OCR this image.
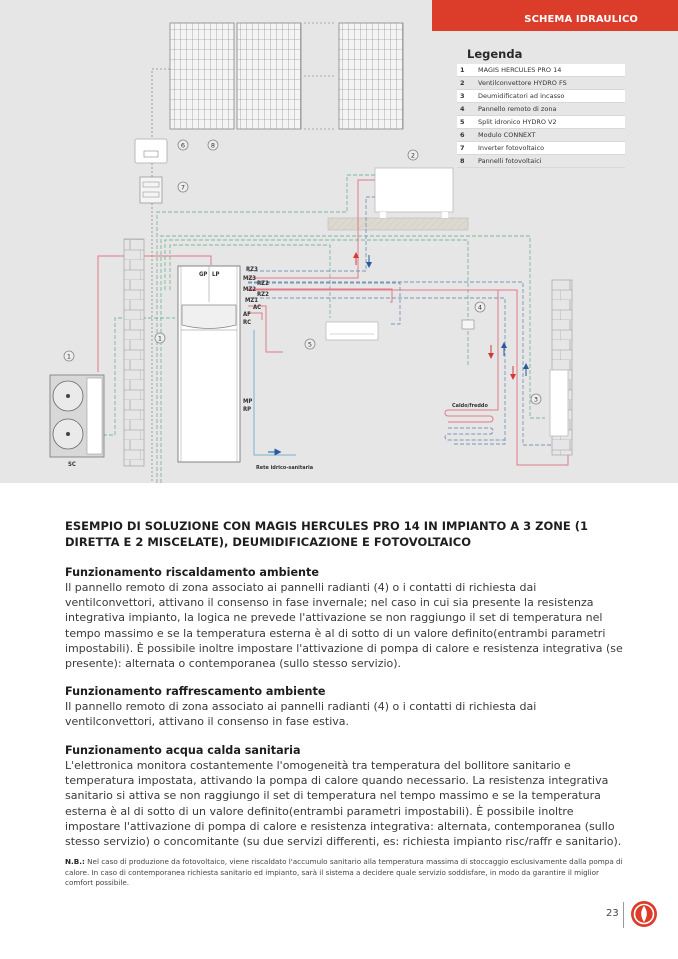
SCHEMA IDRAULICO
6	8
7
2
1
1
5
4
3
RZ3
MZ3
RZ2
MZ2
RZ2
MZ1
AC
AF
RC
MP
RP
GP LP
SC	Rete idrico-sanitaria
Caldo/freddo
Legenda
1	MAGIS HERCULES PRO 14
2	Ventilconvettore HYDRO FS
3	Deumidificatori ad incasso
4	Pannello remoto di zona
5	Split idronico HYDRO V2
6	Modulo CONNEXT
7	Inverter fotovoltaico
8	Pannelli fotovoltaici
ESEMPIO DI SOLUZIONE CON MAGIS HERCULES PRO 14 IN IMPIANTO A 3 ZONE (1 DIRETTA E 2 MISCELATE), DEUMIDIFICAZIONE E FOTOVOLTAICO
Funzionamento riscaldamento ambiente
Il pannello remoto di zona associato ai pannelli radianti (4) o i contatti di richiesta dai ventilconvettori, attivano il consenso in fase invernale; nel caso in cui sia presente la resistenza integrativa impianto, la logica ne prevede l'attivazione se non raggiungo il set di temperatura nel tempo massimo e se la temperatura esterna è al di sotto di un valore definito(entrambi parametri impostabili). È possibile inoltre impostare l'attivazione di pompa di calore e resistenza integrativa (se presente): alternata o contemporanea (sullo stesso servizio).
Funzionamento raffrescamento ambiente
Il pannello remoto di zona associato ai pannelli radianti (4) o i contatti di richiesta dai ventilconvettori, attivano il consenso in fase estiva.
Funzionamento acqua calda sanitaria
L'elettronica monitora costantemente l'omogeneità tra temperatura del bollitore sanitario e temperatura impostata, attivando la pompa di calore quando necessario. La resistenza integrativa sanitario si attiva se non raggiungo il set di temperatura nel tempo massimo e se la temperatura esterna è al di sotto di un valore definito(entrambi parametri impostabili). È possibile inoltre impostare l'attivazione di pompa di calore e resistenza integrativa: alternata, contemporanea (sullo stesso servizio) o concomitante (su due servizi differenti, es: richiesta impianto risc/raffr e sanitario).
N.B.: Nel caso di produzione da fotovoltaico, viene riscaldato l'accumulo sanitario alla temperatura massima di stoccaggio esclusivamente dalla pompa di calore. In caso di contemporanea richiesta sanitario ed impianto, sarà il sistema a decidere quale servizio soddisfare, in modo da garantire il miglior comfort possibile.
23
